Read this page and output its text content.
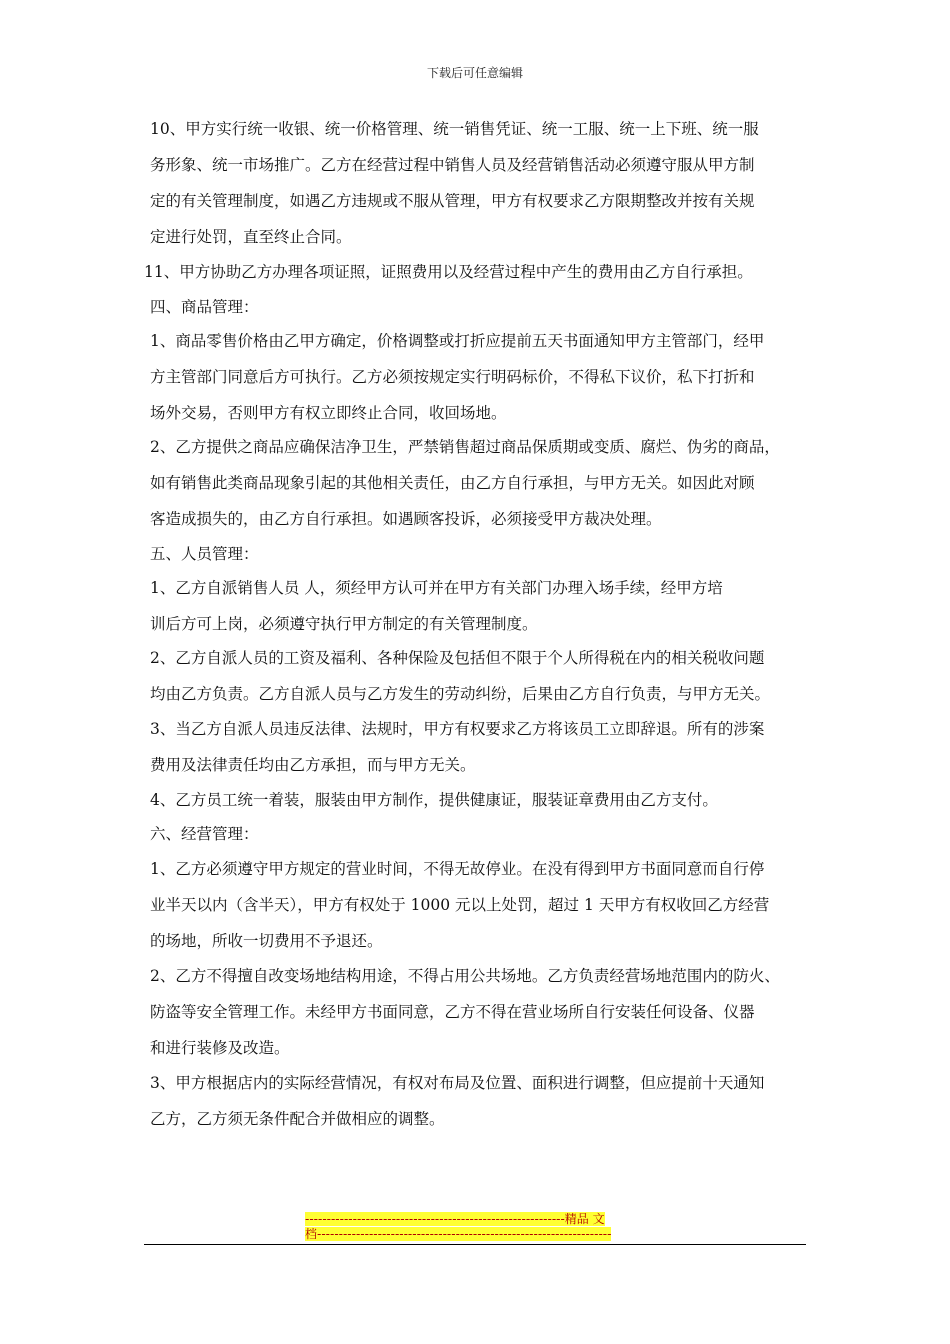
下载后可任意编辑
10、甲方实行统一收银、统一价格管理、统一销售凭证、统一工服、统一上下班、统一服
务形象、统一市场推广。乙方在经营过程中销售人员及经营销售活动必须遵守服从甲方制
定的有关管理制度，如遇乙方违规或不服从管理，甲方有权要求乙方限期整改并按有关规
定进行处罚，直至终止合同。
11、甲方协助乙方办理各项证照，证照费用以及经营过程中产生的费用由乙方自行承担。
四、商品管理：
1、商品零售价格由乙甲方确定，价格调整或打折应提前五天书面通知甲方主管部门，经甲
方主管部门同意后方可执行。乙方必须按规定实行明码标价，不得私下议价，私下打折和
场外交易，否则甲方有权立即终止合同，收回场地。
2、乙方提供之商品应确保洁净卫生，严禁销售超过商品保质期或变质、腐烂、伪劣的商品，
如有销售此类商品现象引起的其他相关责任，由乙方自行承担，与甲方无关。如因此对顾
客造成损失的，由乙方自行承担。如遇顾客投诉，必须接受甲方裁决处理。
五、人员管理：
1、乙方自派销售人员 人，须经甲方认可并在甲方有关部门办理入场手续，经甲方培
训后方可上岗，必须遵守执行甲方制定的有关管理制度。
2、乙方自派人员的工资及福利、各种保险及包括但不限于个人所得税在内的相关税收问题
均由乙方负责。乙方自派人员与乙方发生的劳动纠纷，后果由乙方自行负责，与甲方无关。
3、当乙方自派人员违反法律、法规时，甲方有权要求乙方将该员工立即辞退。所有的涉案
费用及法律责任均由乙方承担，而与甲方无关。
4、乙方员工统一着装，服装由甲方制作，提供健康证，服装证章费用由乙方支付。
六、经营管理：
1、乙方必须遵守甲方规定的营业时间，不得无故停业。在没有得到甲方书面同意而自行停
业半天以内（含半天），甲方有权处于 1000 元以上处罚，超过 1 天甲方有权收回乙方经营
的场地，所收一切费用不予退还。
2、乙方不得擅自改变场地结构用途，不得占用公共场地。乙方负责经营场地范围内的防火、
防盗等安全管理工作。未经甲方书面同意，乙方不得在营业场所自行安装任何设备、仪器
和进行装修及改造。
3、甲方根据店内的实际经营情况，有权对布局及位置、面积进行调整，但应提前十天通知
乙方，乙方须无条件配合并做相应的调整。
------------------------------------------------------------精品 文
档--------------------------------------------------------------------
